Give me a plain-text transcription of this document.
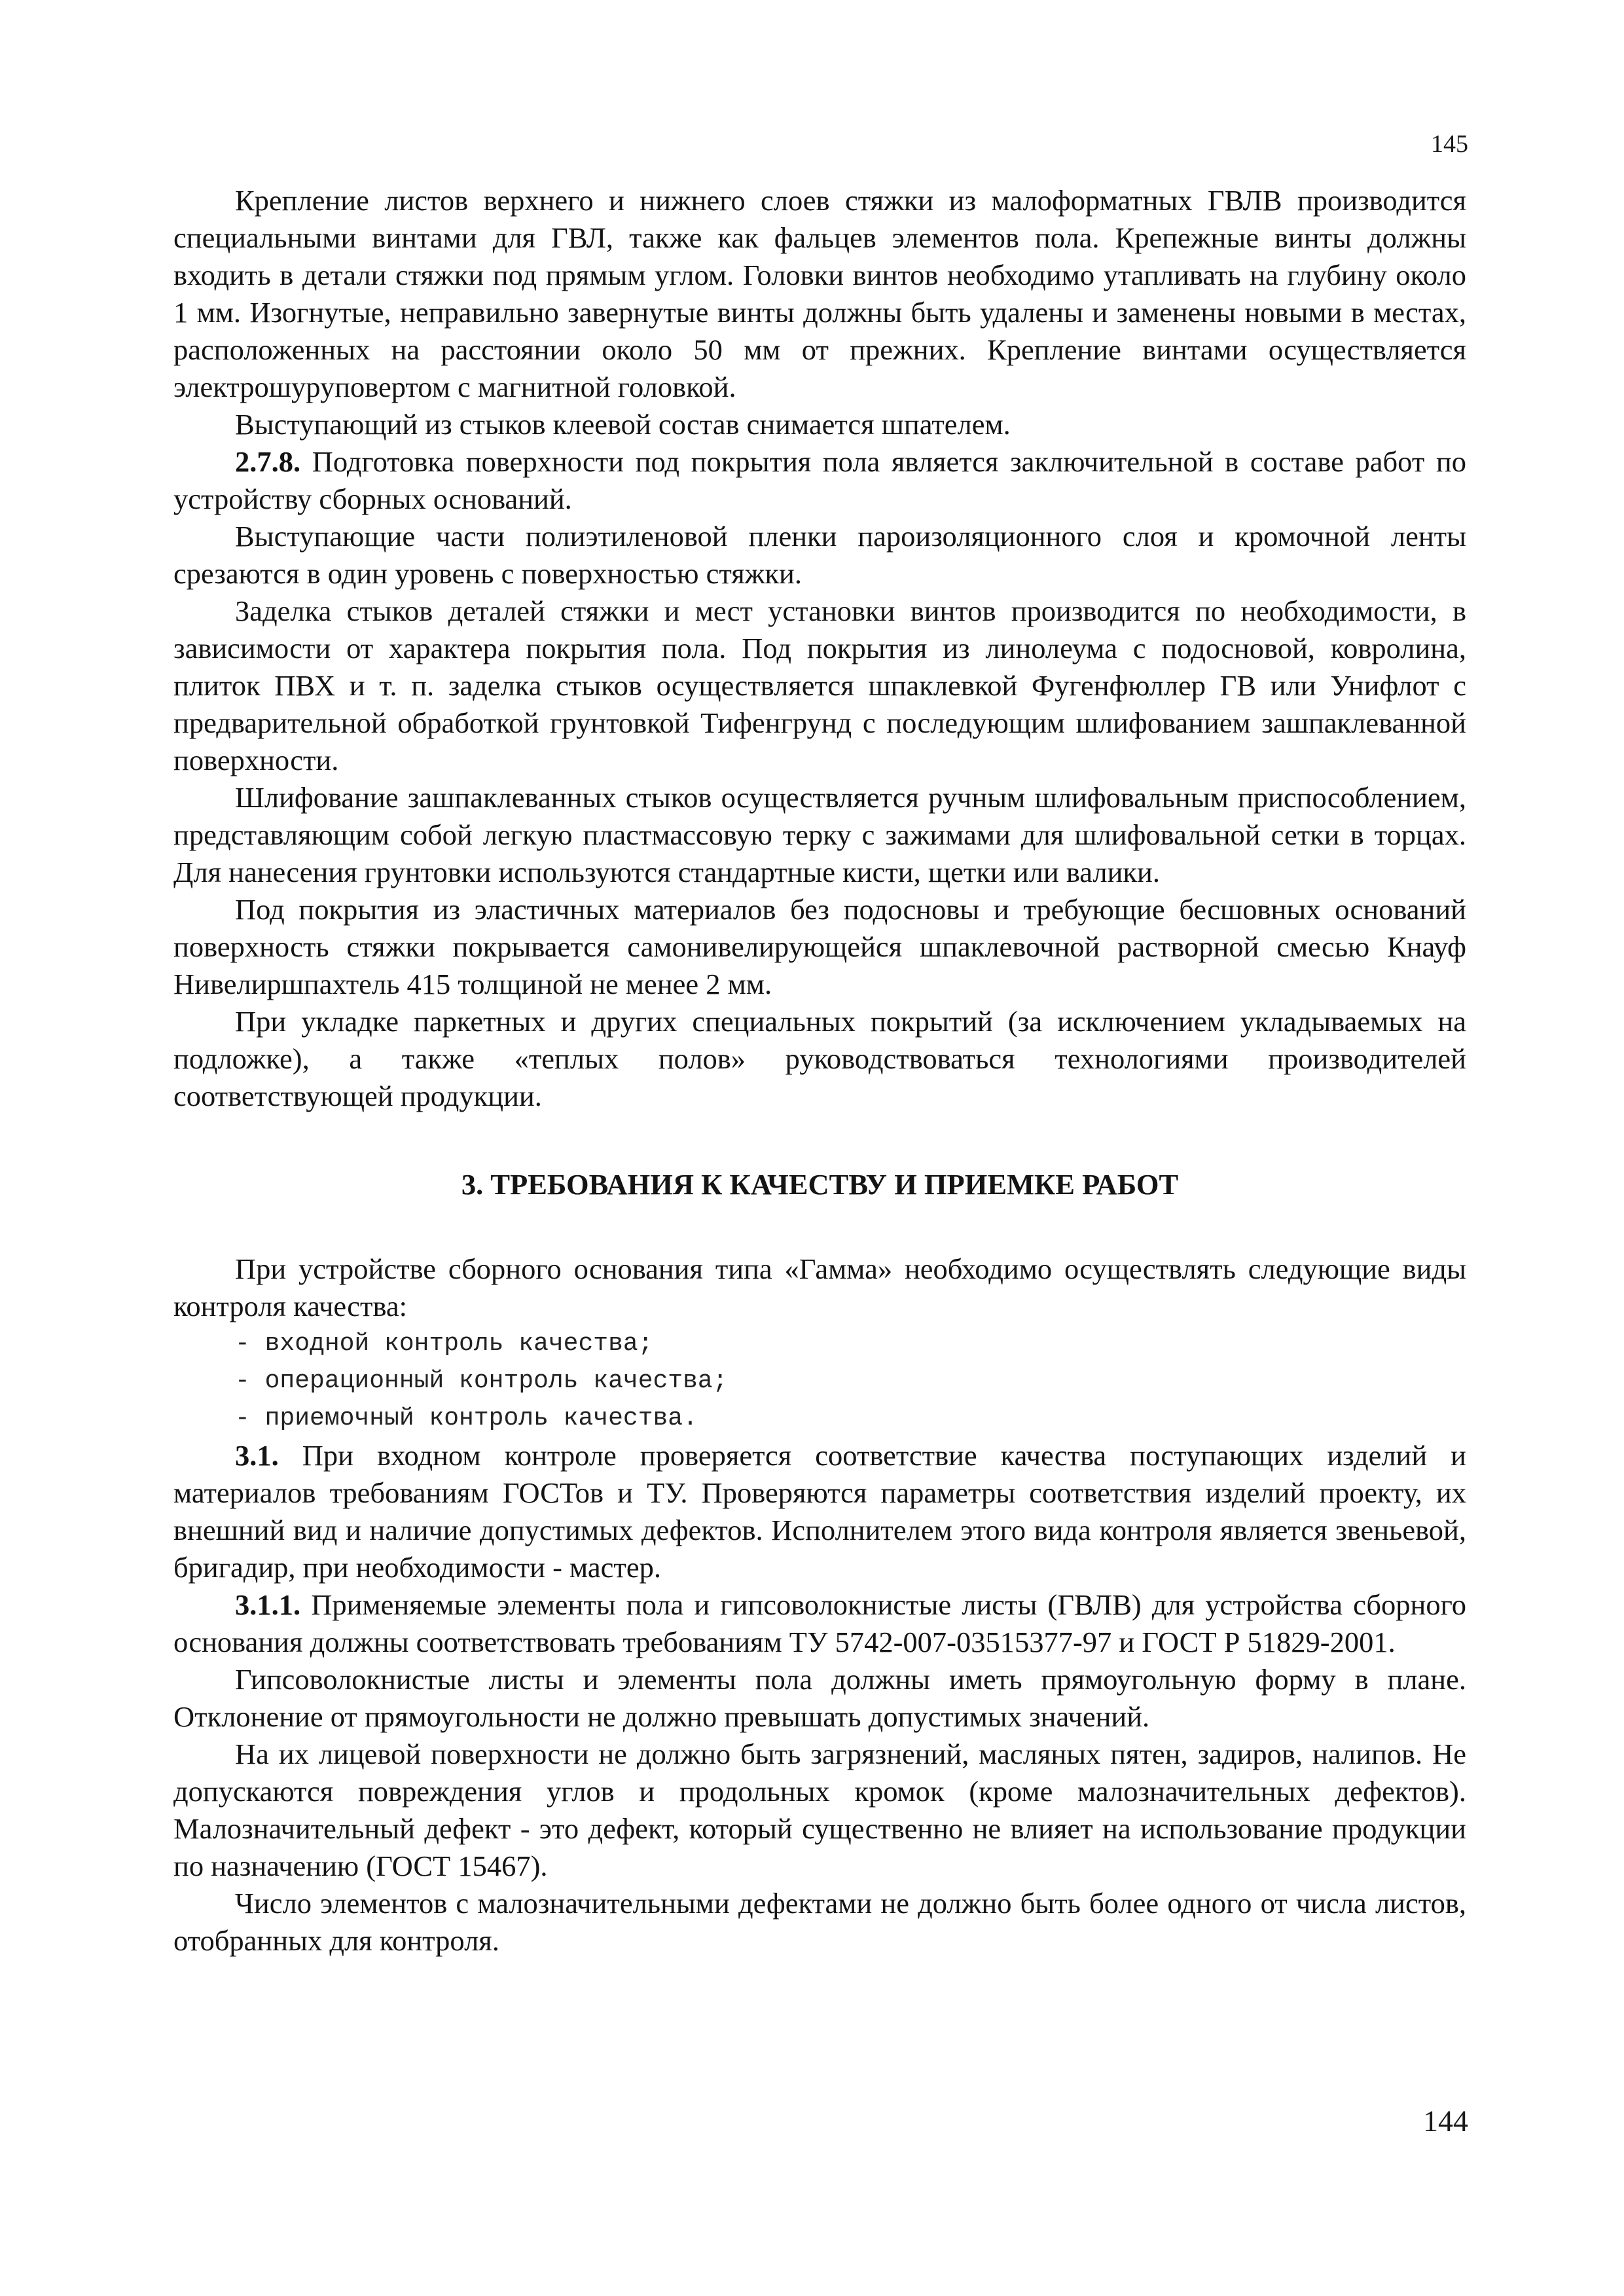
145

Крепление листов верхнего и нижнего слоев стяжки из малоформатных ГВЛВ производится специальными винтами для ГВЛ, также как фальцев элементов пола. Крепежные винты должны входить в детали стяжки под прямым углом. Головки винтов необходимо утапливать на глубину около 1 мм. Изогнутые, неправильно завернутые винты должны быть удалены и заменены новыми в местах, расположенных на расстоянии около 50 мм от прежних. Крепление винтами осуществляется электрошуруповертом с магнитной головкой.

Выступающий из стыков клеевой состав снимается шпателем.

2.7.8. Подготовка поверхности под покрытия пола является заключительной в составе работ по устройству сборных оснований.

Выступающие части полиэтиленовой пленки пароизоляционного слоя и кромочной ленты срезаются в один уровень с поверхностью стяжки.

Заделка стыков деталей стяжки и мест установки винтов производится по необходимости, в зависимости от характера покрытия пола. Под покрытия из линолеума с подосновой, ковролина, плиток ПВХ и т. п. заделка стыков осуществляется шпаклевкой Фугенфюллер ГВ или Унифлот с предварительной обработкой грунтовкой Тифенгрунд с последующим шлифованием зашпаклеванной поверхности.

Шлифование зашпаклеванных стыков осуществляется ручным шлифовальным приспособлением, представляющим собой легкую пластмассовую терку с зажимами для шлифовальной сетки в торцах. Для нанесения грунтовки используются стандартные кисти, щетки или валики.

Под покрытия из эластичных материалов без подосновы и требующие бесшовных оснований поверхность стяжки покрывается самонивелирующейся шпаклевочной растворной смесью Кнауф Нивелиршпахтель 415 толщиной не менее 2 мм.

При укладке паркетных и других специальных покрытий (за исключением укладываемых на подложке), а также «теплых полов» руководствоваться технологиями производителей соответствующей продукции.

3. ТРЕБОВАНИЯ К КАЧЕСТВУ И ПРИЕМКЕ РАБОТ

При устройстве сборного основания типа «Гамма» необходимо осуществлять следующие виды контроля качества:

- входной контроль качества;

- операционный контроль качества;

- приемочный контроль качества.

3.1. При входном контроле проверяется соответствие качества поступающих изделий и материалов требованиям ГОСТов и ТУ. Проверяются параметры соответствия изделий проекту, их внешний вид и наличие допустимых дефектов. Исполнителем этого вида контроля является звеньевой, бригадир, при необходимости - мастер.

3.1.1. Применяемые элементы пола и гипсоволокнистые листы (ГВЛВ) для устройства сборного основания должны соответствовать требованиям ТУ 5742-007-03515377-97 и ГОСТ Р 51829-2001.

Гипсоволокнистые листы и элементы пола должны иметь прямоугольную форму в плане. Отклонение от прямоугольности не должно превышать допустимых значений.

На их лицевой поверхности не должно быть загрязнений, масляных пятен, задиров, налипов. Не допускаются повреждения углов и продольных кромок (кроме малозначительных дефектов). Малозначительный дефект - это дефект, который существенно не влияет на использование продукции по назначению (ГОСТ 15467).

Число элементов с малозначительными дефектами не должно быть более одного от числа листов, отобранных для контроля.

144
